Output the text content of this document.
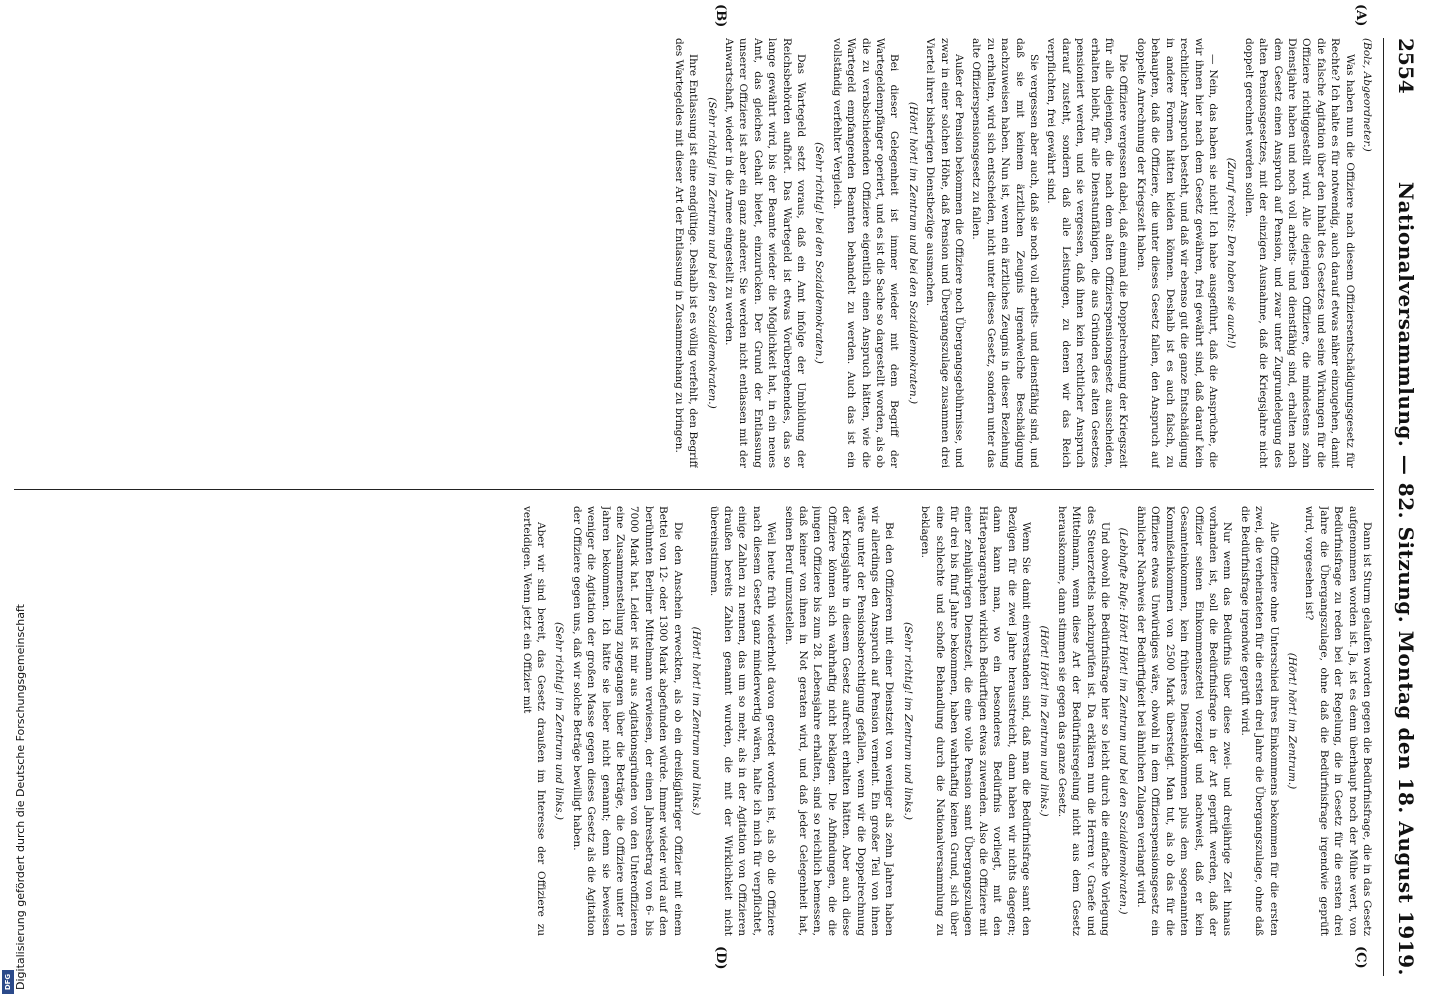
2554
Nationalversammlung. — 82. Sitzung. Montag den 18. August 1919.
(A)
(B)
(C)
(D)

(Bolz, Abgeordneter.)

Was haben nun die Offiziere nach diesem Offiziersentschädigungsgesetz für Rechte? Ich halte es für notwendig, auch darauf etwas näher einzugehen, damit die falsche Agitation über den Inhalt des Gesetzes und seine Wirkungen für die Offiziere richtiggestellt wird. Alle diejenigen Offiziere, die mindestens zehn Dienstjahre haben und noch voll arbeits- und dienstfähig sind, erhalten nach dem Gesetz einen Anspruch auf Pension, und zwar unter Zugrundelegung des alten Pensionsgesetzes, mit der einzigen Ausnahme, daß die Kriegsjahre nicht doppelt gerechnet werden sollen.

(Zuruf rechts: Den haben sie auch!)

— Nein, das haben sie nicht! Ich habe ausgeführt, daß die Ansprüche, die wir ihnen hier nach dem Gesetz gewähren, frei gewährt sind, daß darauf kein rechtlicher Anspruch besteht, und daß wir ebenso gut die ganze Entschädigung in andere Formen hätten kleiden können. Deshalb ist es auch falsch, zu behaupten, daß die Offiziere, die unter dieses Gesetz fallen, den Anspruch auf doppelte Anrechnung der Kriegszeit haben.

Die Offiziere vergessen dabei, daß einmal die Doppelrechnung der Kriegszeit für alle diejenigen, die nach dem alten Offizierspensionsgesetz ausscheiden, erhalten bleibt, für alle Dienstunfähigen, die aus Gründen des alten Gesetzes pensioniert werden, und sie vergessen, daß ihnen kein rechtlicher Anspruch darauf zusteht, sondern daß alle Leistungen, zu denen wir das Reich verpflichten, frei gewährt sind.

Sie vergessen aber auch, daß sie noch voll arbeits- und dienstfähig sind, und daß sie mit keinem ärztlichen Zeugnis irgendwelche Beschädigung nachzuweisen haben. Nun ist, wenn ein ärztliches Zeugnis in dieser Beziehung zu erhalten, wird sich entscheiden, nicht unter dieses Gesetz, sondern unter das alte Offizierspensionsgesetz zu fallen.

Außer der Pension bekommen die Offiziere noch Übergangsgebührnisse, und zwar in einer solchen Höhe, daß Pension und Übergangszulage zusammen drei Viertel ihrer bisherigen Dienstbezüge ausmachen.

(Hört! hört! im Zentrum und bei den Sozialdemokraten.)

Bei dieser Gelegenheit ist immer wieder mit dem Begriff der Wartegeldempfänger operiert, und es ist die Sache so dargestellt worden, als ob die zu verabschiedenden Offiziere eigentlich einen Anspruch hätten, wie die Wartegeld empfangenden Beamten behandelt zu werden. Auch das ist ein vollständig verfehlter Vergleich.

(Sehr richtig! bei den Sozialdemokraten.)

Das Wartegeld setzt voraus, daß ein Amt infolge der Umbildung der Reichsbehörden aufhört. Das Wartegeld ist etwas Vorübergehendes, das so lange gewährt wird, bis der Beamte wieder die Möglichkeit hat, in ein neues Amt, das gleiches Gehalt bietet, einzurücken. Der Grund der Entlassung unserer Offiziere ist aber ein ganz anderer. Sie werden nicht entlassen mit der Anwartschaft, wieder in die Armee eingestellt zu werden.

(Sehr richtig! im Zentrum und bei den Sozialdemokraten.)

Ihre Entlassung ist eine endgültige. Deshalb ist es völlig verfehlt, den Begriff des Wartegeldes mit dieser Art der Entlassung in Zusammenhang zu bringen.

Dann ist Sturm gelaufen worden gegen die Bedürfnisfrage, die in das Gesetz aufgenommen worden ist. Ja, ist es denn überhaupt noch der Mühe wert, von Bedürfnisfrage zu reden bei der Regelung, die in Gesetz für die ersten drei Jahre die Übergangszulage, ohne daß die Bedürfnisfrage irgendwie geprüft wird, vorgesehen ist?

(Hört! hört! im Zentrum.)

Alle Offiziere ohne Unterschied ihres Einkommens bekommen für die ersten zwei, die verheirateten für die ersten drei Jahre die Übergangszulage, ohne daß die Bedürfnisfrage irgendwie geprüft wird.

Nur wenn das Bedürfnis über diese zwei- und dreijährige Zeit hinaus vorhanden ist, soll die Bedürfnisfrage in der Art geprüft werden, daß der Offizier seinen Einkommenszettel vorzeigt und nachweist, daß er kein Gesamteinkommen, kein früheres Diensteinkommen plus dem sogenannten Kommißeinkommen von 2500 Mark übersteigt. Man tut, als ob das für die Offiziere etwas Unwürdiges wäre, obwohl in dem Offizierspensionsgesetz ein ähnlicher Nachweis der Bedürftigkeit bei ähnlichen Zulagen verlangt wird.

(Lebhafte Rufe: Hört! Hört! im Zentrum und bei den Sozialdemokraten.)

Und obwohl die Bedürfnisfrage hier so leicht durch die einfache Vorlegung des Steuerzettels nachzuprüfen ist. Da erklären nun die Herren v. Graefe und Mittelmann, wenn diese Art der Bedürfnisregelung nicht aus dem Gesetz herauskomme, dann stimmen sie gegen das ganze Gesetz.

(Hört! Hört! im Zentrum und links.)

Wenn Sie damit einverstanden sind, daß man die Bedürfnisfrage samt den Bezügen für die zwei Jahre herausstreicht, dann haben wir nichts dagegen; dann kann man, wo ein besonderes Bedürfnis vorliegt, mit den Härteparagraphen wirklich Bedürftigen etwas zuwenden. Also die Offiziere mit einer zehnjährigen Dienstzeit, die eine volle Pension samt Übergangszulagen für drei bis fünf Jahre bekommen, haben wahrhaftig keinen Grund, sich über eine schlechte und schofle Behandlung durch die Nationalversammlung zu beklagen.

(Sehr richtig! im Zentrum und links.)

Bei den Offizieren mit einer Dienstzeit von weniger als zehn Jahren haben wir allerdings den Anspruch auf Pension verneint. Ein großer Teil von ihnen wäre unter der Pensionsberechtigung gefallen, wenn wir die Doppelrechnung der Kriegsjahre in diesem Gesetz aufrecht erhalten hätten. Aber auch diese Offiziere können sich wahrhaftig nicht beklagen. Die Abfindungen, die die jungen Offiziere bis zum 28. Lebensjahre erhalten, sind so reichlich bemessen, daß keiner von ihnen in Not geraten wird, und daß jeder Gelegenheit hat, seinen Beruf umzustellen.

Weil heute früh wiederholt davon geredet worden ist, als ob die Offiziere nach diesem Gesetz ganz minderwertig wären, halte ich mich für verpflichtet, einige Zahlen zu nennen, das um so mehr, als in der Agitation von Offizieren draußen bereits Zahlen genannt wurden, die mit der Wirklichkeit nicht übereinstimmen.

(Hört! hört! im Zentrum und links.)

Die den Anschein erweckten, als ob ein dreißigjähriger Offizier mit einem Bettel von 12- oder 1300 Mark abgefunden würde. Immer wieder wird auf den berühmten Berliner Mittelmann verwiesen, der einen Jahresbetrag von 6- bis 7000 Mark hat. Leider ist mir aus Agitationsgründen von den Unteroffizieren eine Zusammenstellung zugegangen über die Beträge, die Offiziere unter 10 Jahren bekommen. Ich hätte sie lieber nicht genannt; denn sie beweisen weniger die Agitation der großen Masse gegen dieses Gesetz als die Agitation der Offiziere gegen uns, daß wir solche Beträge bewilligt haben.

(Sehr richtig! im Zentrum und links.)

Aber wir sind bereit, das Gesetz draußen im Interesse der Offiziere zu verteidigen. Wenn jetzt ein Offizier mit

DFG Digitalisierung gefördert durch die Deutsche Forschungsgemeinschaft
